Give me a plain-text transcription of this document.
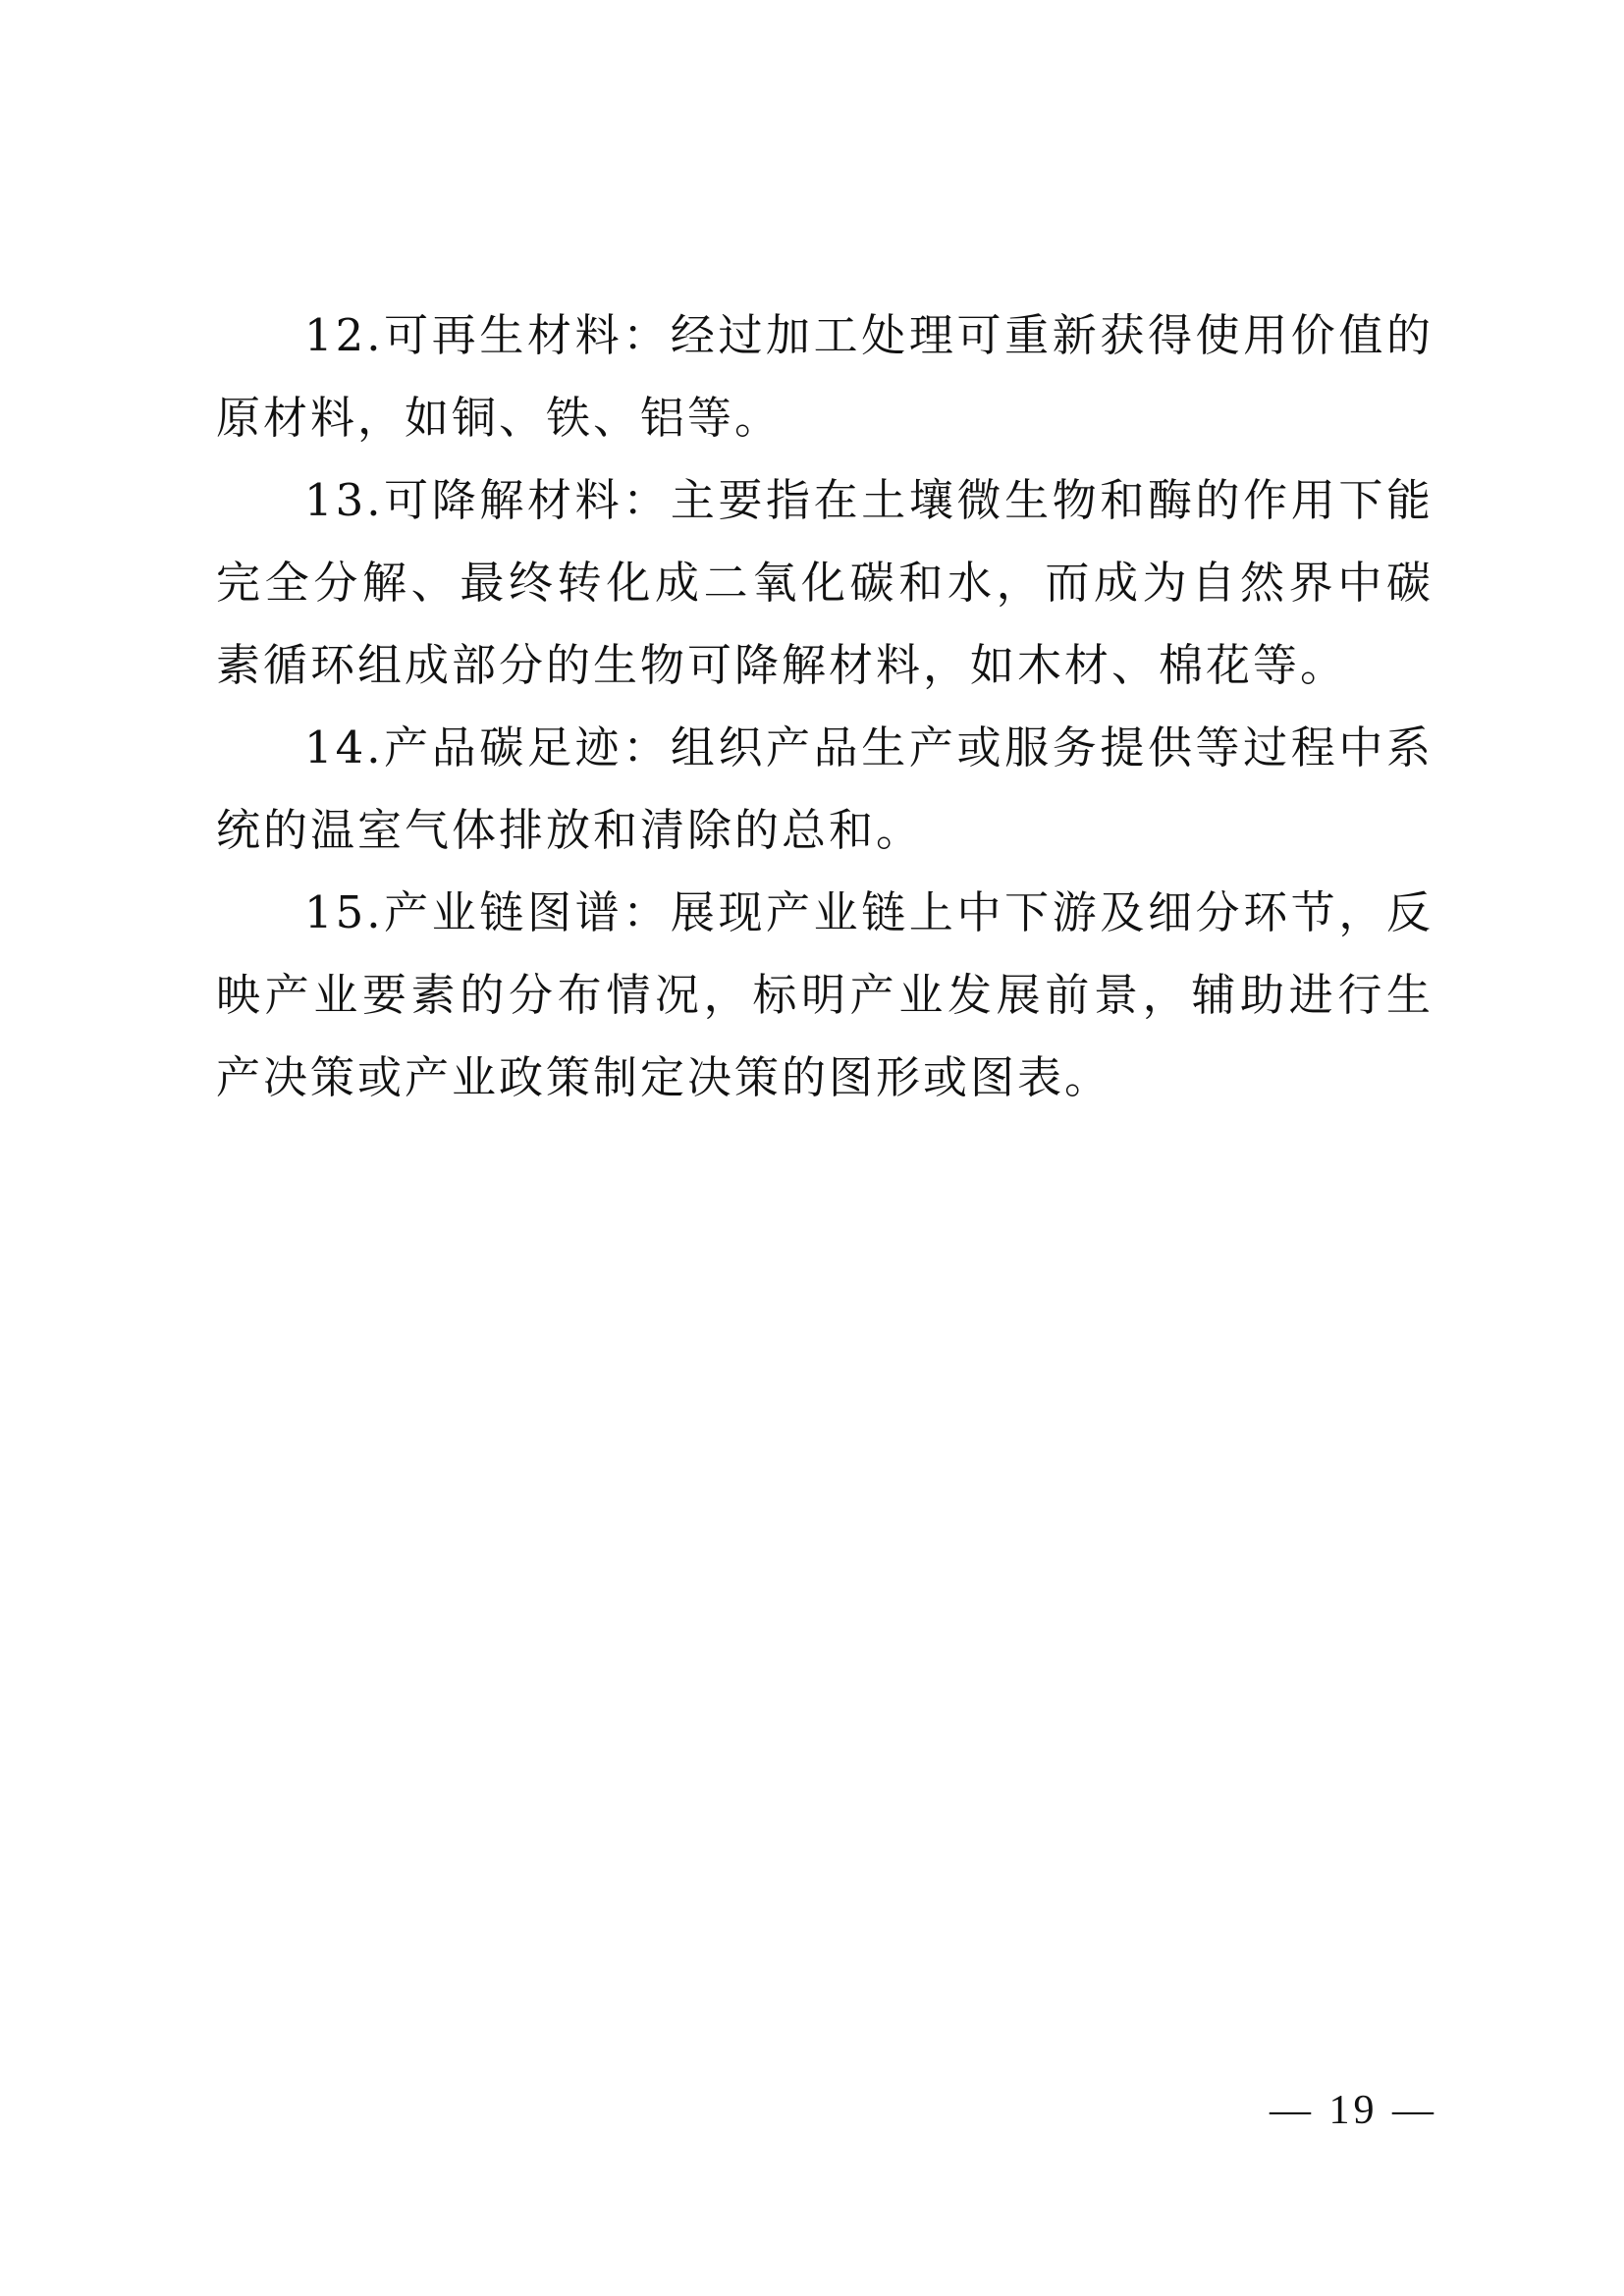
12.可再生材料：经过加工处理可重新获得使用价值的原材料，如铜、铁、铝等。

13.可降解材料：主要指在土壤微生物和酶的作用下能完全分解、最终转化成二氧化碳和水，而成为自然界中碳素循环组成部分的生物可降解材料，如木材、棉花等。

14.产品碳足迹：组织产品生产或服务提供等过程中系统的温室气体排放和清除的总和。

15.产业链图谱：展现产业链上中下游及细分环节，反映产业要素的分布情况，标明产业发展前景，辅助进行生产决策或产业政策制定决策的图形或图表。

— 19 —
